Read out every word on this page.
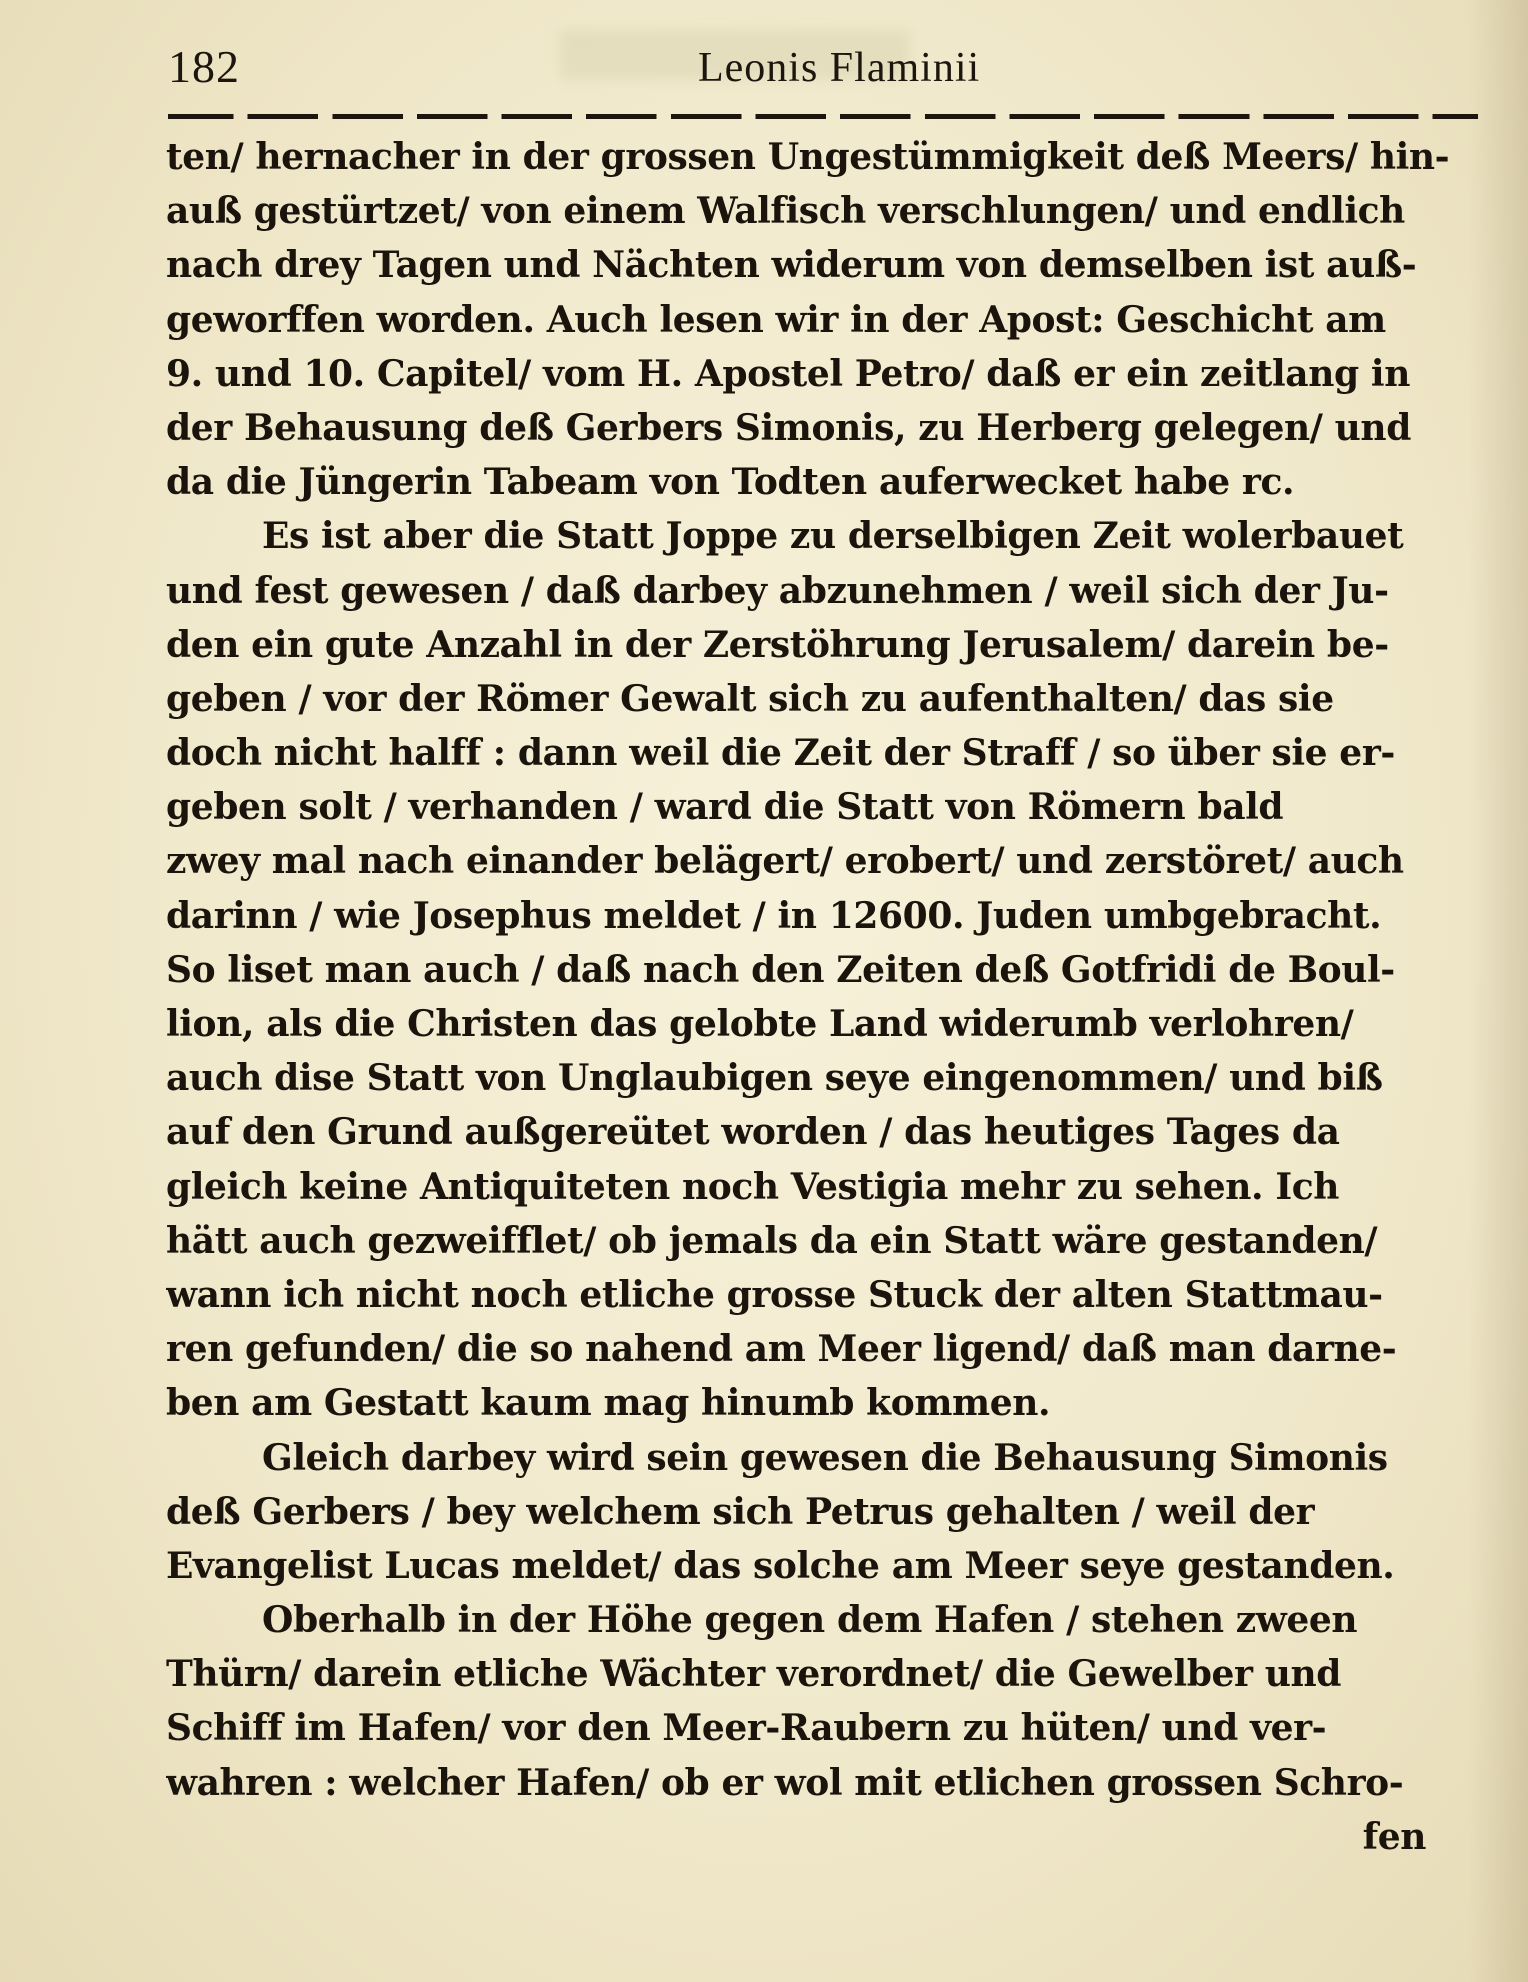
182	Leonis Flaminii
ten/ hernacher in der grossen Ungestümmigkeit deß Meers/ hin-
auß gestürtzet/ von einem Walfisch verschlungen/ und endlich
nach drey Tagen und Nächten widerum von demselben ist auß-
geworffen worden. Auch lesen wir in der Apost: Geschicht am
9. und 10. Capitel/ vom H. Apostel Petro/ daß er ein zeitlang in
der Behausung deß Gerbers Simonis, zu Herberg gelegen/ und
da die Jüngerin Tabeam von Todten auferwecket habe rc.
Es ist aber die Statt Joppe zu derselbigen Zeit wolerbauet
und fest gewesen / daß darbey abzunehmen / weil sich der Ju-
den ein gute Anzahl in der Zerstöhrung Jerusalem/ darein be-
geben / vor der Römer Gewalt sich zu aufenthalten/ das sie
doch nicht halff : dann weil die Zeit der Straff / so über sie er-
geben solt / verhanden / ward die Statt von Römern bald
zwey mal nach einander belägert/ erobert/ und zerstöret/ auch
darinn / wie Josephus meldet / in 12600. Juden umbgebracht.
So liset man auch / daß nach den Zeiten deß Gotfridi de Boul-
lion, als die Christen das gelobte Land widerumb verlohren/
auch dise Statt von Unglaubigen seye eingenommen/ und biß
auf den Grund außgereütet worden / das heutiges Tages da
gleich keine Antiquiteten noch Vestigia mehr zu sehen. Ich
hätt auch gezweifflet/ ob jemals da ein Statt wäre gestanden/
wann ich nicht noch etliche grosse Stuck der alten Stattmau-
ren gefunden/ die so nahend am Meer ligend/ daß man darne-
ben am Gestatt kaum mag hinumb kommen.
Gleich darbey wird sein gewesen die Behausung Simonis
deß Gerbers / bey welchem sich Petrus gehalten / weil der
Evangelist Lucas meldet/ das solche am Meer seye gestanden.
Oberhalb in der Höhe gegen dem Hafen / stehen zween
Thürn/ darein etliche Wächter verordnet/ die Gewelber und
Schiff im Hafen/ vor den Meer-Raubern zu hüten/ und ver-
wahren : welcher Hafen/ ob er wol mit etlichen grossen Schro-
fen
